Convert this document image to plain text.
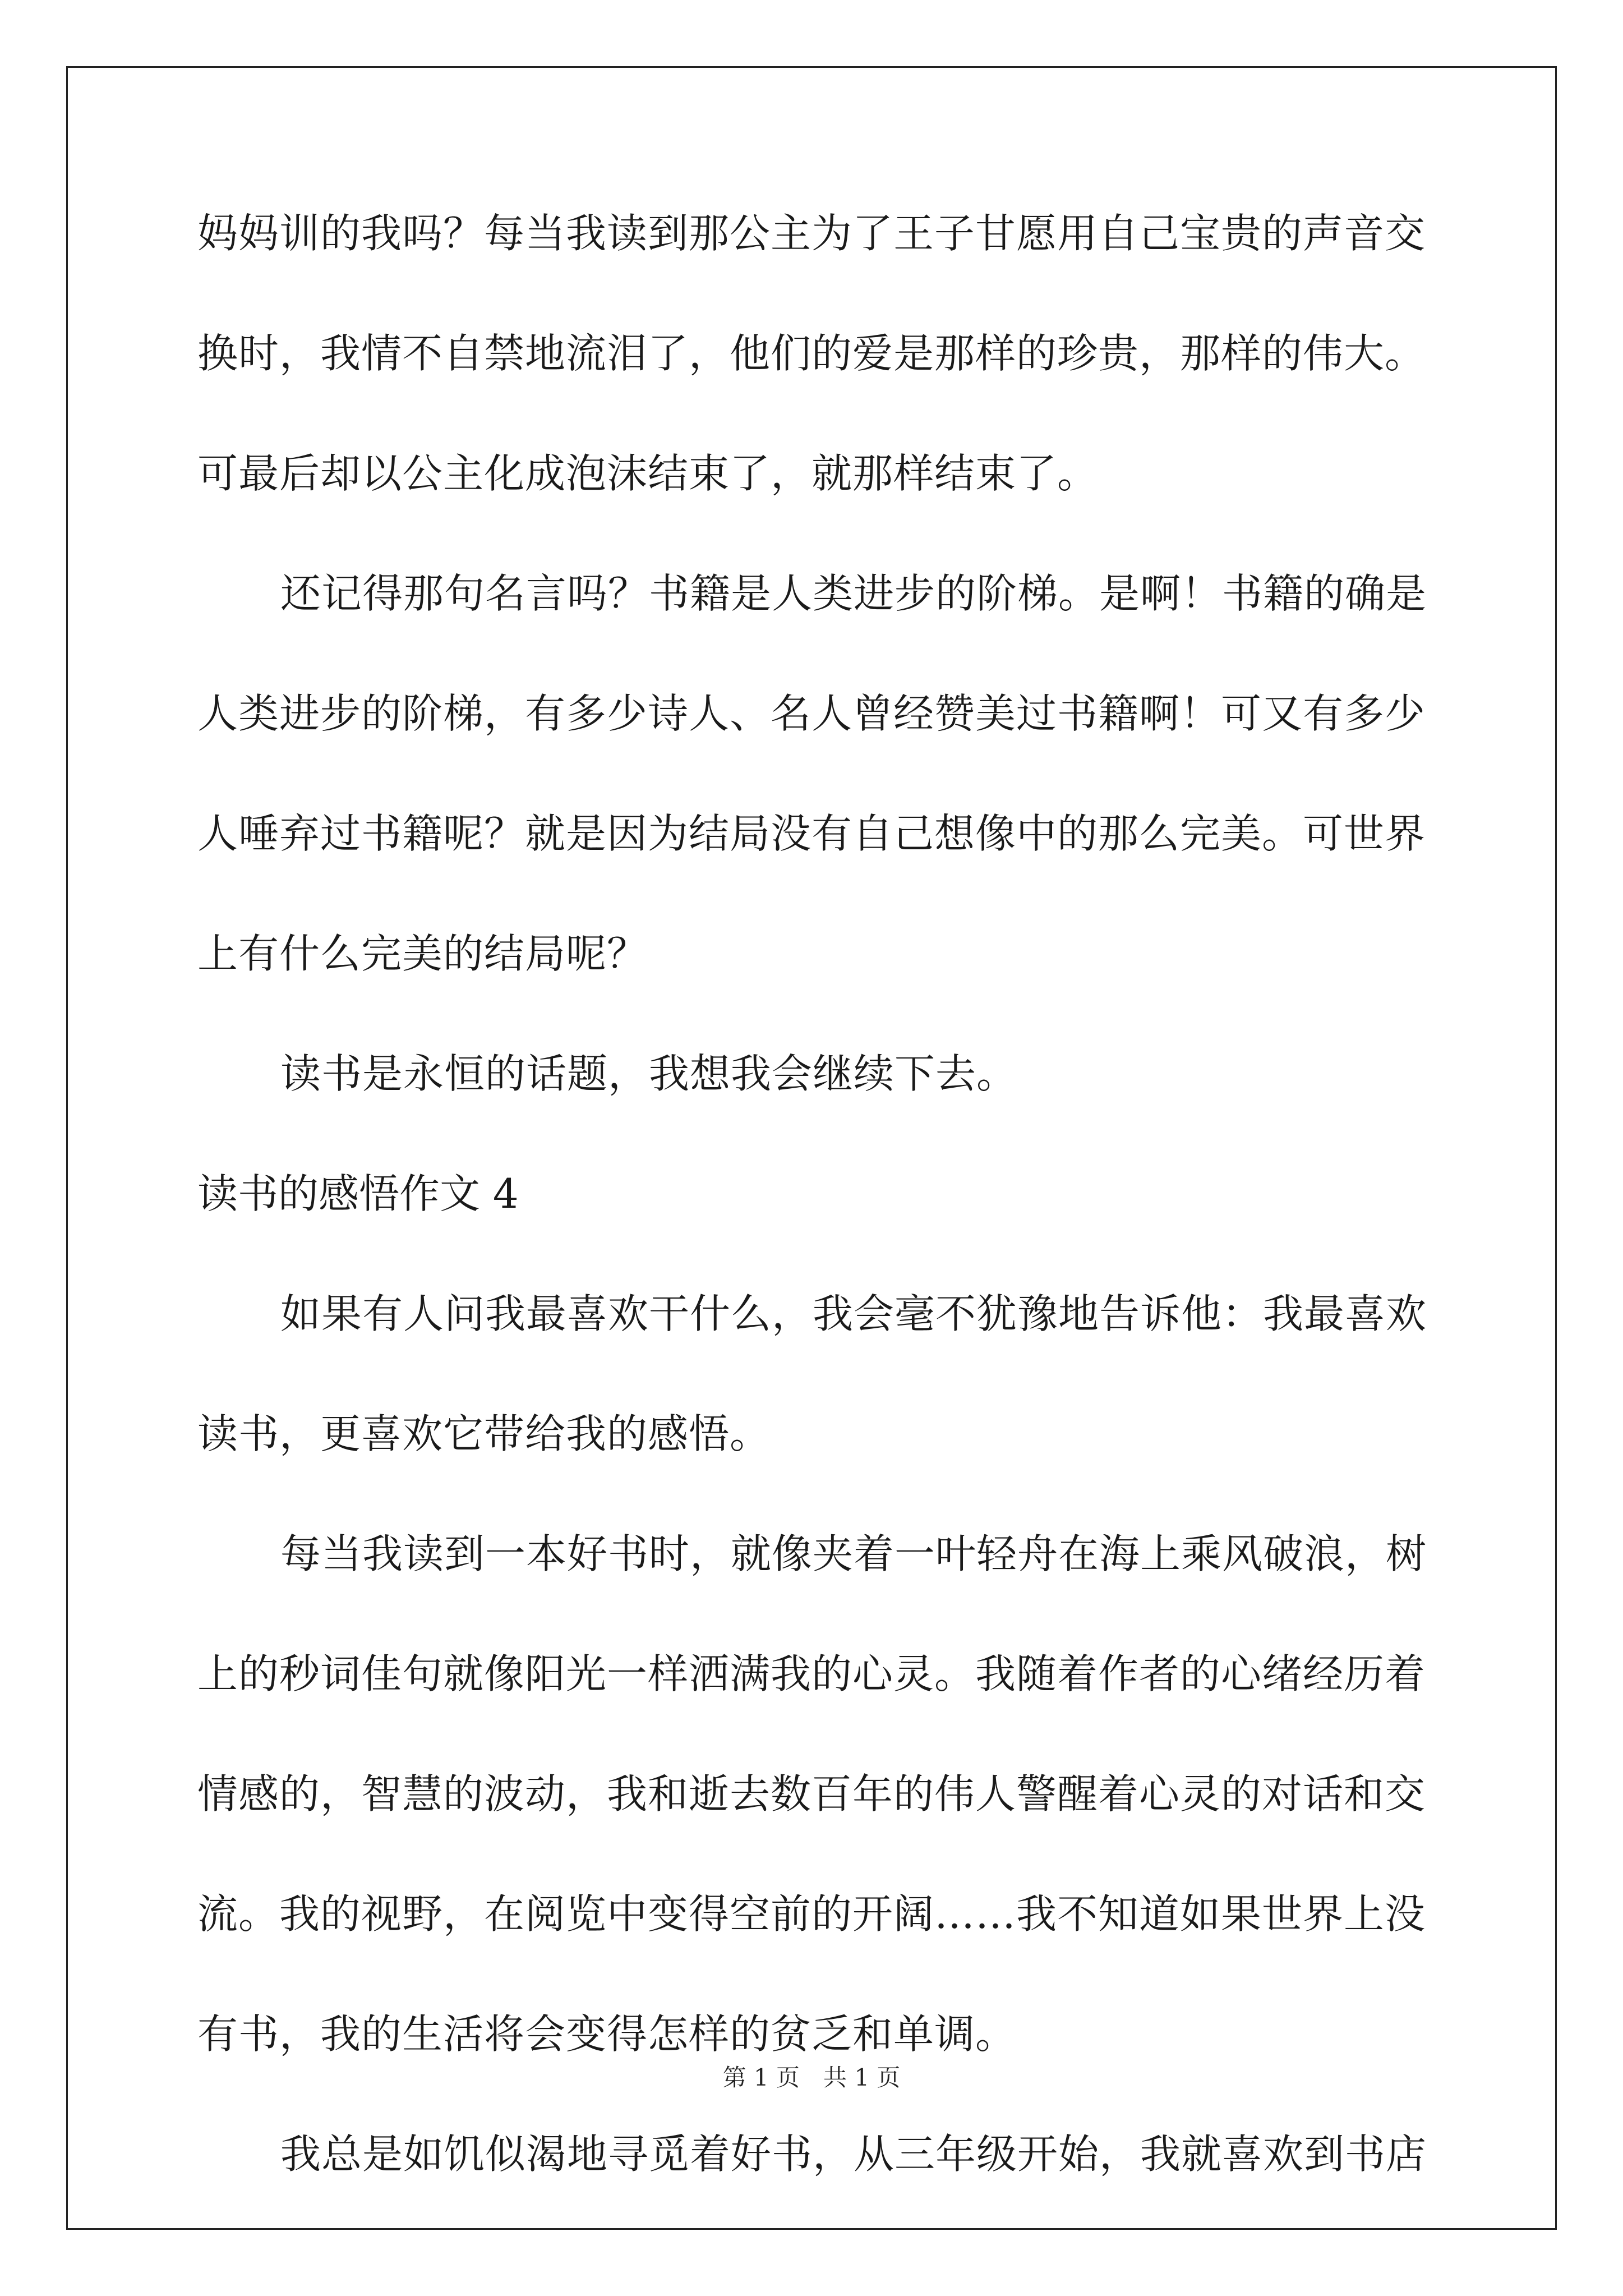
妈妈训的我吗？每当我读到那公主为了王子甘愿用自己宝贵的声音交
换时，我情不自禁地流泪了，他们的爱是那样的珍贵，那样的伟大。
可最后却以公主化成泡沫结束了，就那样结束了。
还记得那句名言吗？书籍是人类进步的阶梯。是啊！书籍的确是
人类进步的阶梯，有多少诗人、名人曾经赞美过书籍啊！可又有多少
人唾弃过书籍呢？就是因为结局没有自己想像中的那么完美。可世界
上有什么完美的结局呢？
读书是永恒的话题，我想我会继续下去。
读书的感悟作文 4
如果有人问我最喜欢干什么，我会毫不犹豫地告诉他：我最喜欢
读书，更喜欢它带给我的感悟。
每当我读到一本好书时，就像夹着一叶轻舟在海上乘风破浪，树
上的秒词佳句就像阳光一样洒满我的心灵。我随着作者的心绪经历着
情感的，智慧的波动，我和逝去数百年的伟人警醒着心灵的对话和交
流。我的视野，在阅览中变得空前的开阔……我不知道如果世界上没
有书，我的生活将会变得怎样的贫乏和单调。
我总是如饥似渴地寻觅着好书，从三年级开始，我就喜欢到书店
第 1 页　共 1 页
